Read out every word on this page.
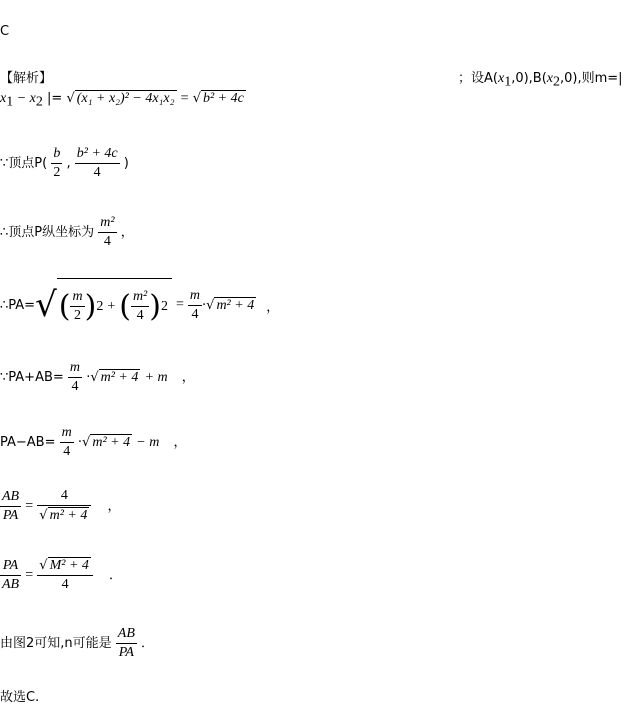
C
【解析】	；设$A(x_1,0),B(x_2,0)$,则m=|
$x_1 - x_2$ |= √ (x₁ + x₂)² − 4x₁x₂ = √ b² + 4c
∵顶点$P( \frac{b}{2}$ , $\frac{\text{b² + 4c}}{4}$ )
∴顶点P纵坐标为 $\frac{\text{m²}}{4}$ ，
∴PA= √ ( $\frac{m}{2}$ ) 2 + ( $\frac{\text{m²}}{4}$ ) $2 = \frac{m}{4}$ · √ m² + 4 ，
∵PA+AB= $\frac{m}{4}$ ·√ m² + 4 + m ，
$PA-AB= \frac{m}{4}$ ·√ m² + 4 − m ，
$\frac{AB}{PA} = \frac{4}{\text{√ m² + 4}}$ ，
$\frac{PA}{AB} = \frac{\text{√ M² + 4}}{4}$ ．
由图2可知,n可能是 $\frac{AB}{PA}$ ．
故选C.
